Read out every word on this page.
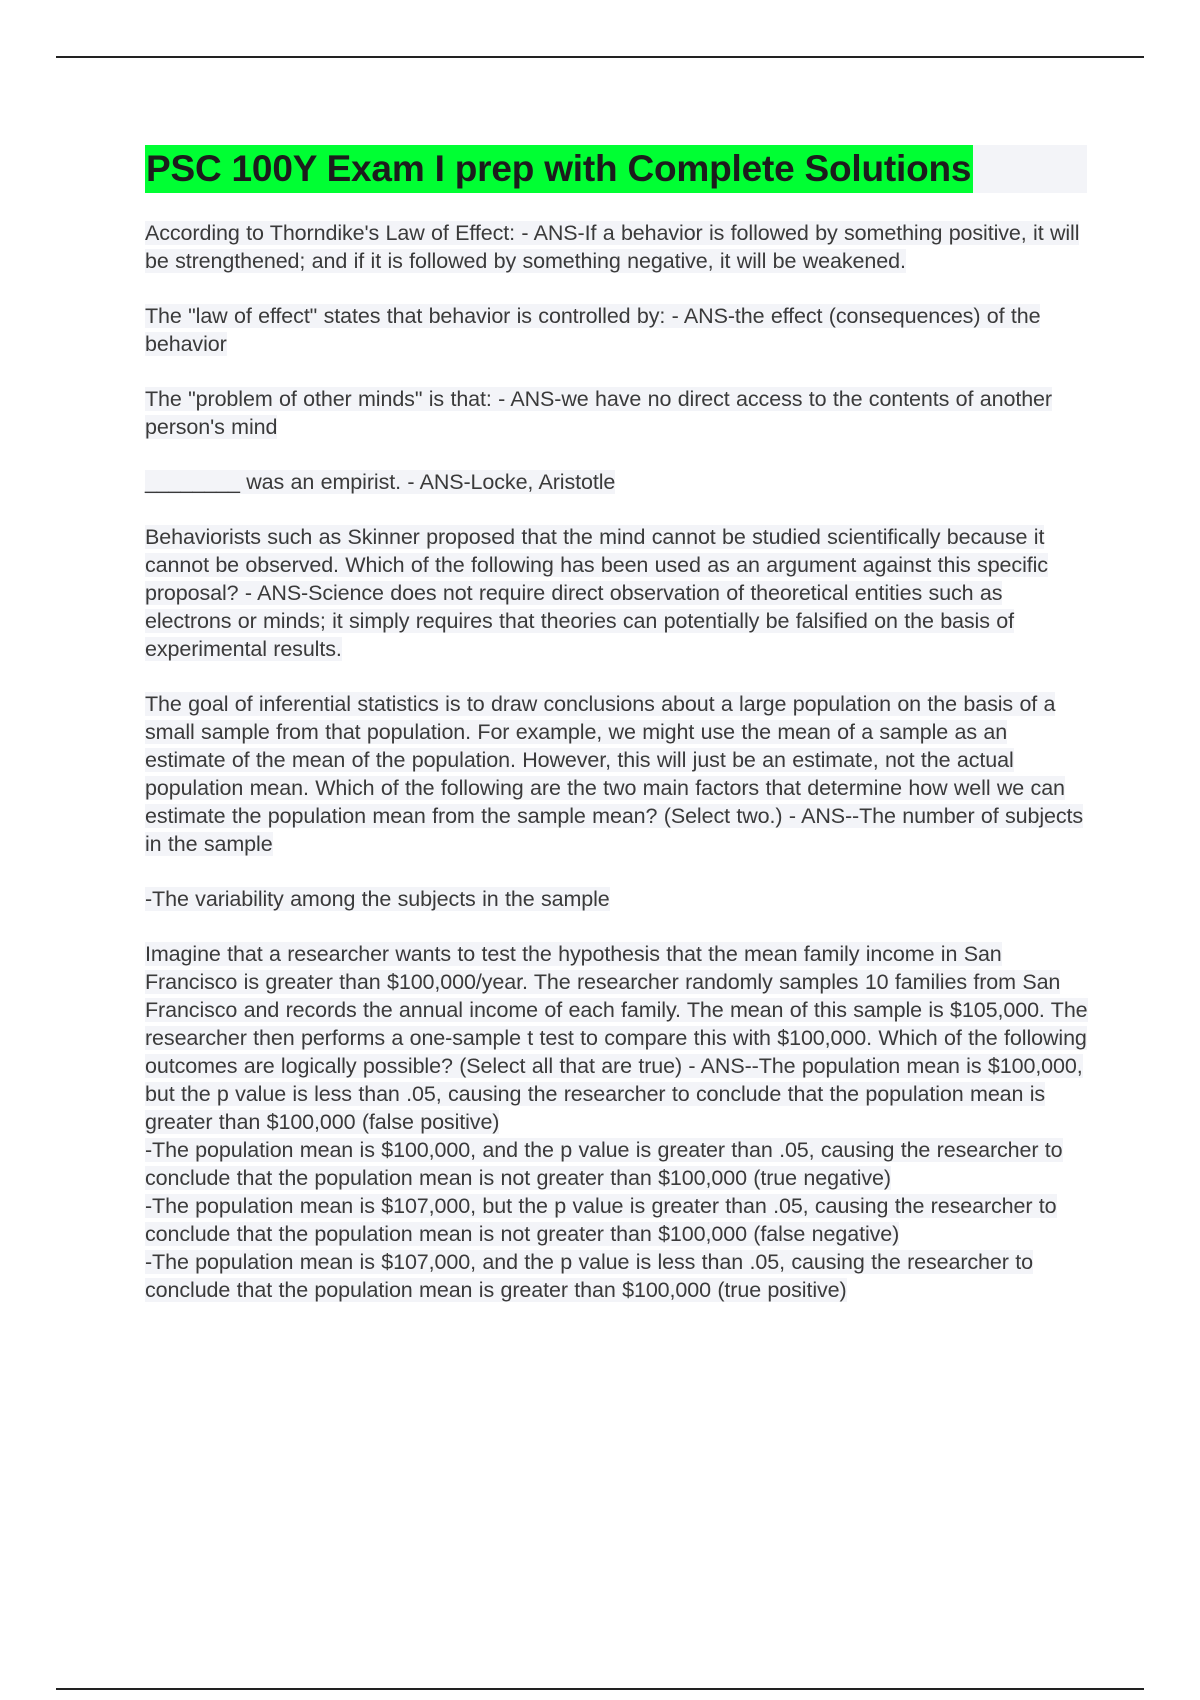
PSC 100Y Exam I prep with Complete Solutions

According to Thorndike's Law of Effect: - ANS-If a behavior is followed by something positive, it will be strengthened; and if it is followed by something negative, it will be weakened.

The "law of effect" states that behavior is controlled by: - ANS-the effect (consequences) of the behavior

The "problem of other minds" is that: - ANS-we have no direct access to the contents of another person's mind

________ was an empirist. - ANS-Locke, Aristotle

Behaviorists such as Skinner proposed that the mind cannot be studied scientifically because it cannot be observed. Which of the following has been used as an argument against this specific proposal? - ANS-Science does not require direct observation of theoretical entities such as electrons or minds; it simply requires that theories can potentially be falsified on the basis of experimental results.

The goal of inferential statistics is to draw conclusions about a large population on the basis of a small sample from that population. For example, we might use the mean of a sample as an estimate of the mean of the population. However, this will just be an estimate, not the actual population mean. Which of the following are the two main factors that determine how well we can estimate the population mean from the sample mean? (Select two.) - ANS--The number of subjects in the sample

-The variability among the subjects in the sample

Imagine that a researcher wants to test the hypothesis that the mean family income in San Francisco is greater than $100,000/year. The researcher randomly samples 10 families from San Francisco and records the annual income of each family. The mean of this sample is $105,000. The researcher then performs a one-sample t test to compare this with $100,000. Which of the following outcomes are logically possible? (Select all that are true) - ANS--The population mean is $100,000, but the p value is less than .05, causing the researcher to conclude that the population mean is greater than $100,000 (false positive)

-The population mean is $100,000, and the p value is greater than .05, causing the researcher to conclude that the population mean is not greater than $100,000 (true negative)

-The population mean is $107,000, but the p value is greater than .05, causing the researcher to conclude that the population mean is not greater than $100,000 (false negative)

-The population mean is $107,000, and the p value is less than .05, causing the researcher to conclude that the population mean is greater than $100,000 (true positive)
